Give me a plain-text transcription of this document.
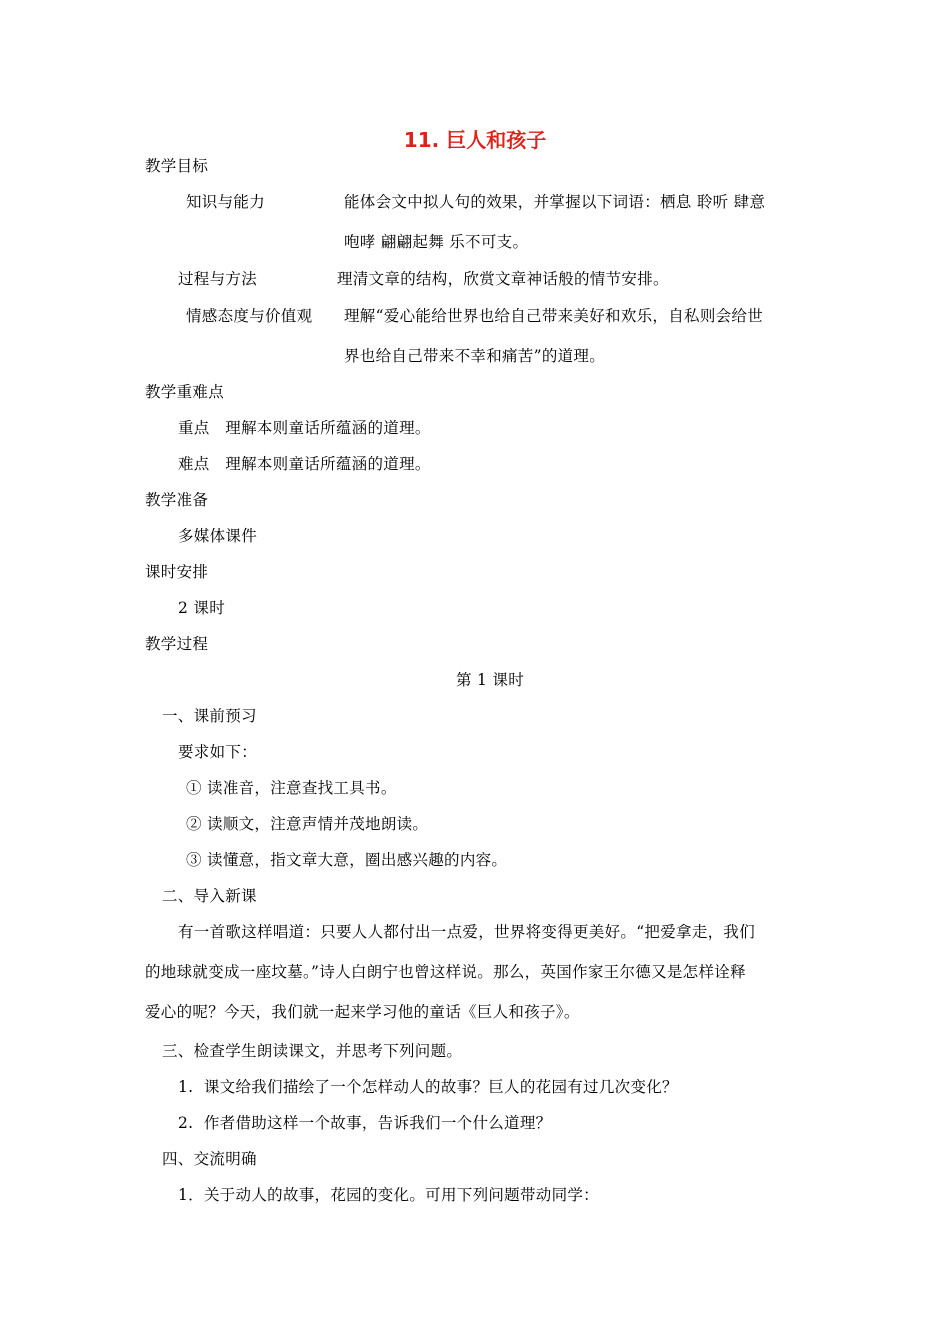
11. 巨人和孩子

教学目标

知识与能力	能体会文中拟人句的效果，并掌握以下词语：栖息 聆听 肆意

咆哮 翩翩起舞 乐不可支。

过程与方法	理清文章的结构，欣赏文章神话般的情节安排。

情感态度与价值观 理解“爱心能给世界也给自己带来美好和欢乐，自私则会给世

界也给自己带来不幸和痛苦”的道理。

教学重难点

重点   理解本则童话所蕴涵的道理。

难点   理解本则童话所蕴涵的道理。

教学准备

多媒体课件

课时安排

2 课时

教学过程

第 1 课时

一、课前预习

要求如下：

① 读准音，注意查找工具书。

② 读顺文，注意声情并茂地朗读。

③ 读懂意，指文章大意，圈出感兴趣的内容。

二、导入新课

有一首歌这样唱道：只要人人都付出一点爱，世界将变得更美好。“把爱拿走，我们

的地球就变成一座坟墓。”诗人白朗宁也曾这样说。那么，英国作家王尔德又是怎样诠释

爱心的呢？今天，我们就一起来学习他的童话《巨人和孩子》。

三、检查学生朗读课文，并思考下列问题。

1.  课文给我们描绘了一个怎样动人的故事？巨人的花园有过几次变化？

2.  作者借助这样一个故事，告诉我们一个什么道理？

四、交流明确

1．关于动人的故事，花园的变化。可用下列问题带动同学：
